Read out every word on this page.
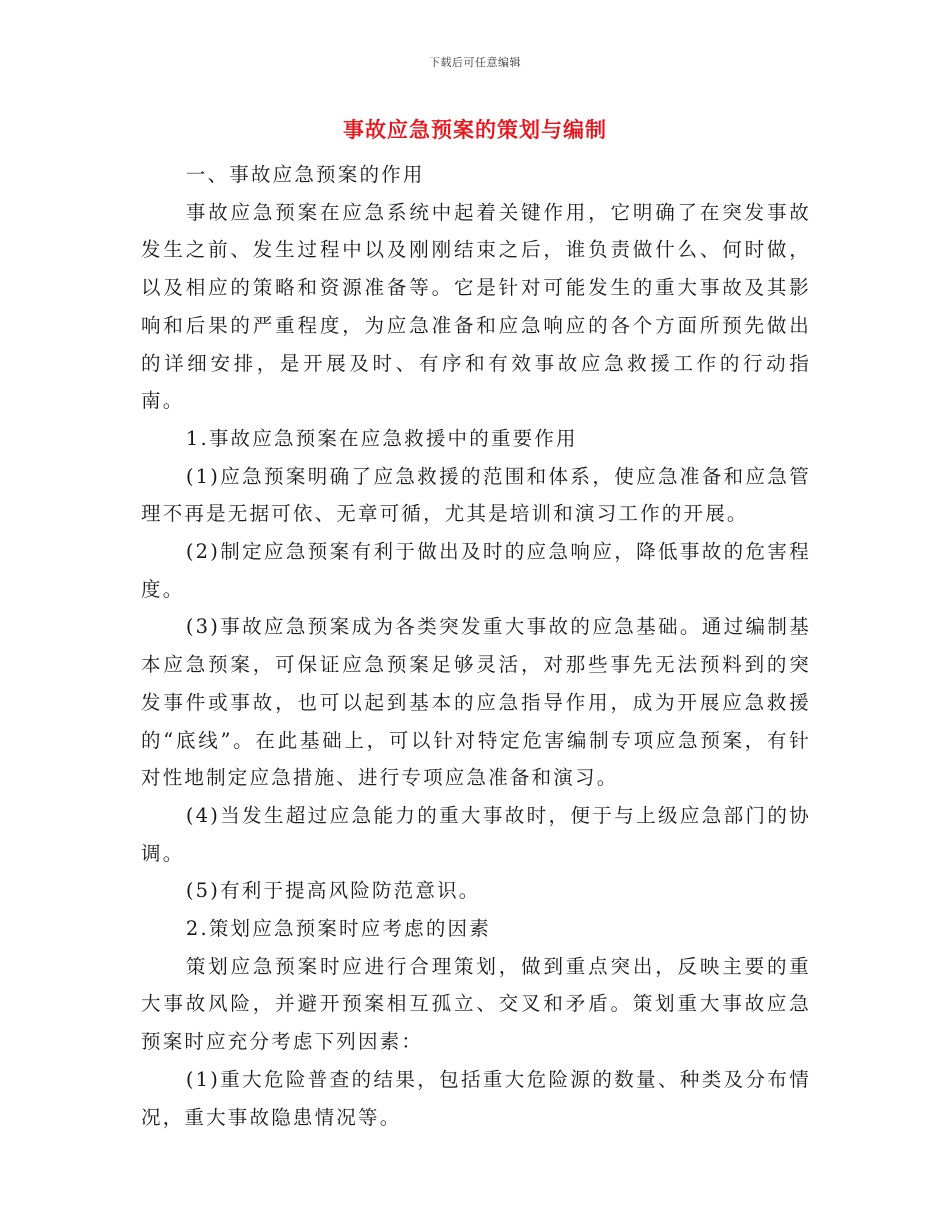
下载后可任意编辑
事故应急预案的策划与编制

一、事故应急预案的作用

事故应急预案在应急系统中起着关键作用，它明确了在突发事故发生之前、发生过程中以及刚刚结束之后，谁负责做什么、何时做，以及相应的策略和资源准备等。它是针对可能发生的重大事故及其影响和后果的严重程度，为应急准备和应急响应的各个方面所预先做出的详细安排，是开展及时、有序和有效事故应急救援工作的行动指南。

1.事故应急预案在应急救援中的重要作用

(1)应急预案明确了应急救援的范围和体系，使应急准备和应急管理不再是无据可依、无章可循，尤其是培训和演习工作的开展。

(2)制定应急预案有利于做出及时的应急响应，降低事故的危害程度。

(3)事故应急预案成为各类突发重大事故的应急基础。通过编制基本应急预案，可保证应急预案足够灵活，对那些事先无法预料到的突发事件或事故，也可以起到基本的应急指导作用，成为开展应急救援的“底线”。在此基础上，可以针对特定危害编制专项应急预案，有针对性地制定应急措施、进行专项应急准备和演习。

(4)当发生超过应急能力的重大事故时，便于与上级应急部门的协调。

(5)有利于提高风险防范意识。

2.策划应急预案时应考虑的因素

策划应急预案时应进行合理策划，做到重点突出，反映主要的重大事故风险，并避开预案相互孤立、交叉和矛盾。策划重大事故应急预案时应充分考虑下列因素：

(1)重大危险普查的结果，包括重大危险源的数量、种类及分布情况，重大事故隐患情况等。
